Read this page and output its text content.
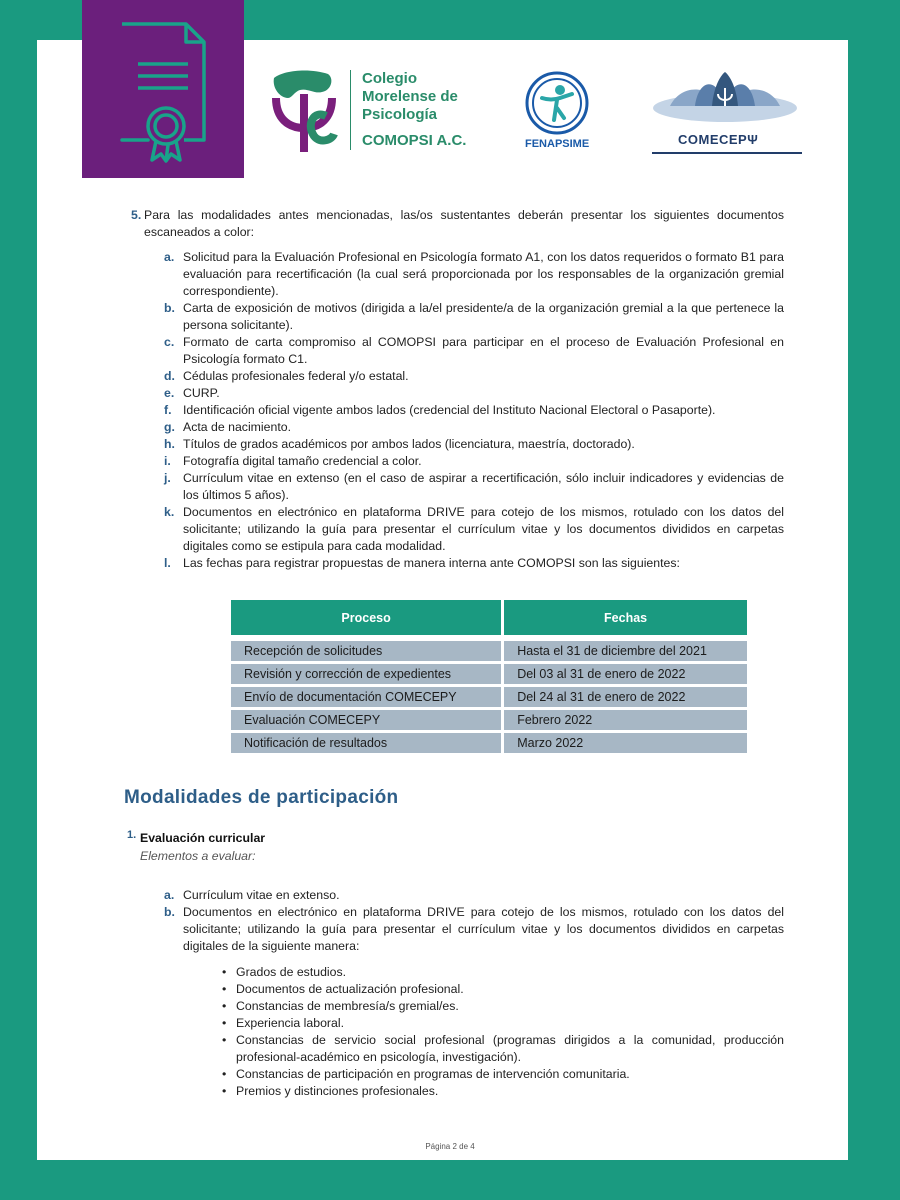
Colegio
Morelense de
Psicología
COMOPSI A.C.	FENAPSIME	COMECEPΨ
5. Para las modalidades antes mencionadas, las/os sustentantes deberán presentar los siguientes documentos escaneados a color:
a. Solicitud para la Evaluación Profesional en Psicología formato A1, con los datos requeridos o formato B1 para evaluación para recertificación (la cual será proporcionada por los responsables de la organización gremial correspondiente).
b. Carta de exposición de motivos (dirigida a la/el presidente/a de la organización gremial a la que pertenece la persona solicitante).
c. Formato de carta compromiso al COMOPSI para participar en el proceso de Evaluación Profesional en Psicología formato C1.
d. Cédulas profesionales federal y/o estatal.
e. CURP.
f. Identificación oficial vigente ambos lados (credencial del Instituto Nacional Electoral o Pasaporte).
g. Acta de nacimiento.
h. Títulos de grados académicos por ambos lados (licenciatura, maestría, doctorado).
i. Fotografía digital tamaño credencial a color.
j. Currículum vitae en extenso (en el caso de aspirar a recertificación, sólo incluir indicadores y evidencias de los últimos 5 años).
k. Documentos en electrónico en plataforma DRIVE para cotejo de los mismos, rotulado con los datos del solicitante; utilizando la guía para presentar el currículum vitae y los documentos divididos en carpetas digitales como se estipula para cada modalidad.
l. Las fechas para registrar propuestas de manera interna ante COMOPSI son las siguientes:
Proceso	Fechas
Recepción de solicitudes	Hasta el 31 de diciembre del 2021
Revisión y corrección de expedientes	Del 03 al 31 de enero de 2022
Envío de documentación COMECEPY	Del 24 al 31 de enero de 2022
Evaluación COMECEPY	Febrero 2022
Notificación de resultados	Marzo 2022
Modalidades de participación
1. Evaluación curricular
Elementos a evaluar:
a. Currículum vitae en extenso.
b. Documentos en electrónico en plataforma DRIVE para cotejo de los mismos, rotulado con los datos del solicitante; utilizando la guía para presentar el currículum vitae y los documentos divididos en carpetas digitales de la siguiente manera:
• Grados de estudios.
• Documentos de actualización profesional.
• Constancias de membresía/s gremial/es.
• Experiencia laboral.
• Constancias de servicio social profesional (programas dirigidos a la comunidad, producción profesional-académico en psicología, investigación).
• Constancias de participación en programas de intervención comunitaria.
• Premios y distinciones profesionales.
Página 2 de 4
